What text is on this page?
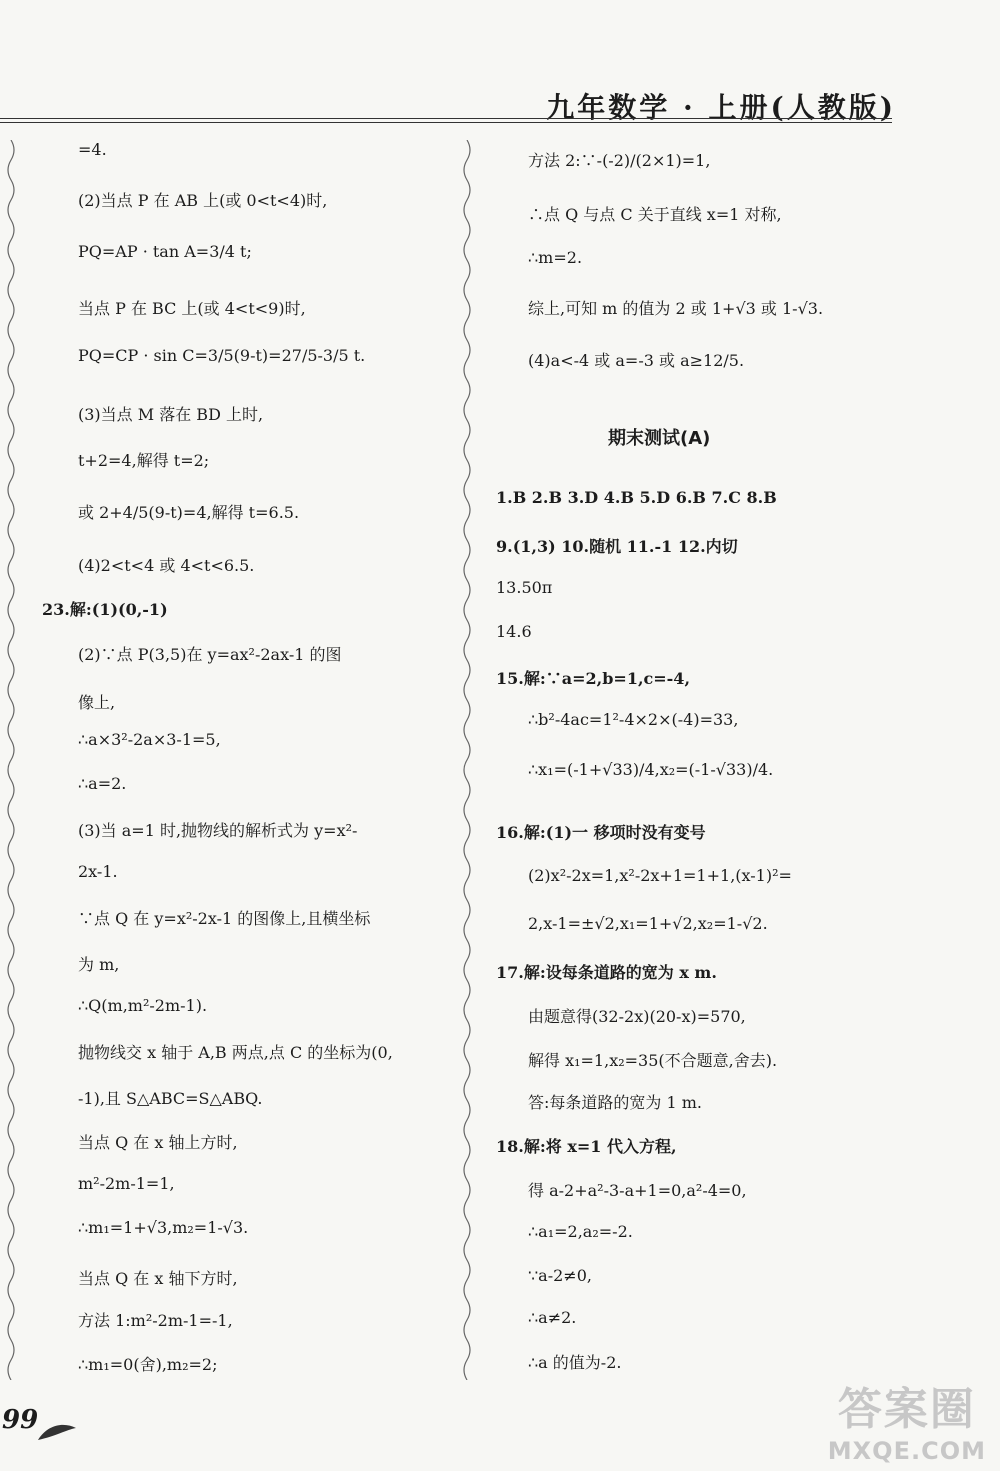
九年数学 · 上册(人教版)
=4.
(2)当点 P 在 AB 上(或 0<t<4)时,
PQ=AP · tan A=3/4 t;
当点 P 在 BC 上(或 4<t<9)时,
PQ=CP · sin C=3/5(9-t)=27/5-3/5 t.
(3)当点 M 落在 BD 上时,
t+2=4,解得 t=2;
或 2+4/5(9-t)=4,解得 t=6.5.
(4)2<t<4 或 4<t<6.5.
23.解:(1)(0,-1)
(2)∵点 P(3,5)在 y=ax²-2ax-1 的图
像上,
∴a×3²-2a×3-1=5,
∴a=2.
(3)当 a=1 时,抛物线的解析式为 y=x²-
2x-1.
∵点 Q 在 y=x²-2x-1 的图像上,且横坐标
为 m,
∴Q(m,m²-2m-1).
抛物线交 x 轴于 A,B 两点,点 C 的坐标为(0,
-1),且 S△ABC=S△ABQ.
当点 Q 在 x 轴上方时,
m²-2m-1=1,
∴m₁=1+√3,m₂=1-√3.
当点 Q 在 x 轴下方时,
方法 1:m²-2m-1=-1,
∴m₁=0(舍),m₂=2;
方法 2:∵-(-2)/(2×1)=1,
∴点 Q 与点 C 关于直线 x=1 对称,
∴m=2.
综上,可知 m 的值为 2 或 1+√3 或 1-√3.
(4)a<-4 或 a=-3 或 a≥12/5.
1.B 2.B 3.D 4.B 5.D 6.B 7.C 8.B
9.(1,3) 10.随机 11.-1 12.内切
13.50π
14.6
15.解:∵a=2,b=1,c=-4,
∴b²-4ac=1²-4×2×(-4)=33,
∴x₁=(-1+√33)/4,x₂=(-1-√33)/4.
16.解:(1)一 移项时没有变号
(2)x²-2x=1,x²-2x+1=1+1,(x-1)²=
2,x-1=±√2,x₁=1+√2,x₂=1-√2.
17.解:设每条道路的宽为 x m.
由题意得(32-2x)(20-x)=570,
解得 x₁=1,x₂=35(不合题意,舍去).
答:每条道路的宽为 1 m.
18.解:将 x=1 代入方程,
得 a-2+a²-3-a+1=0,a²-4=0,
∴a₁=2,a₂=-2.
∵a-2≠0,
∴a≠2.
∴a 的值为-2.
期末测试(A)
99	答案圈
MXQE.COM
